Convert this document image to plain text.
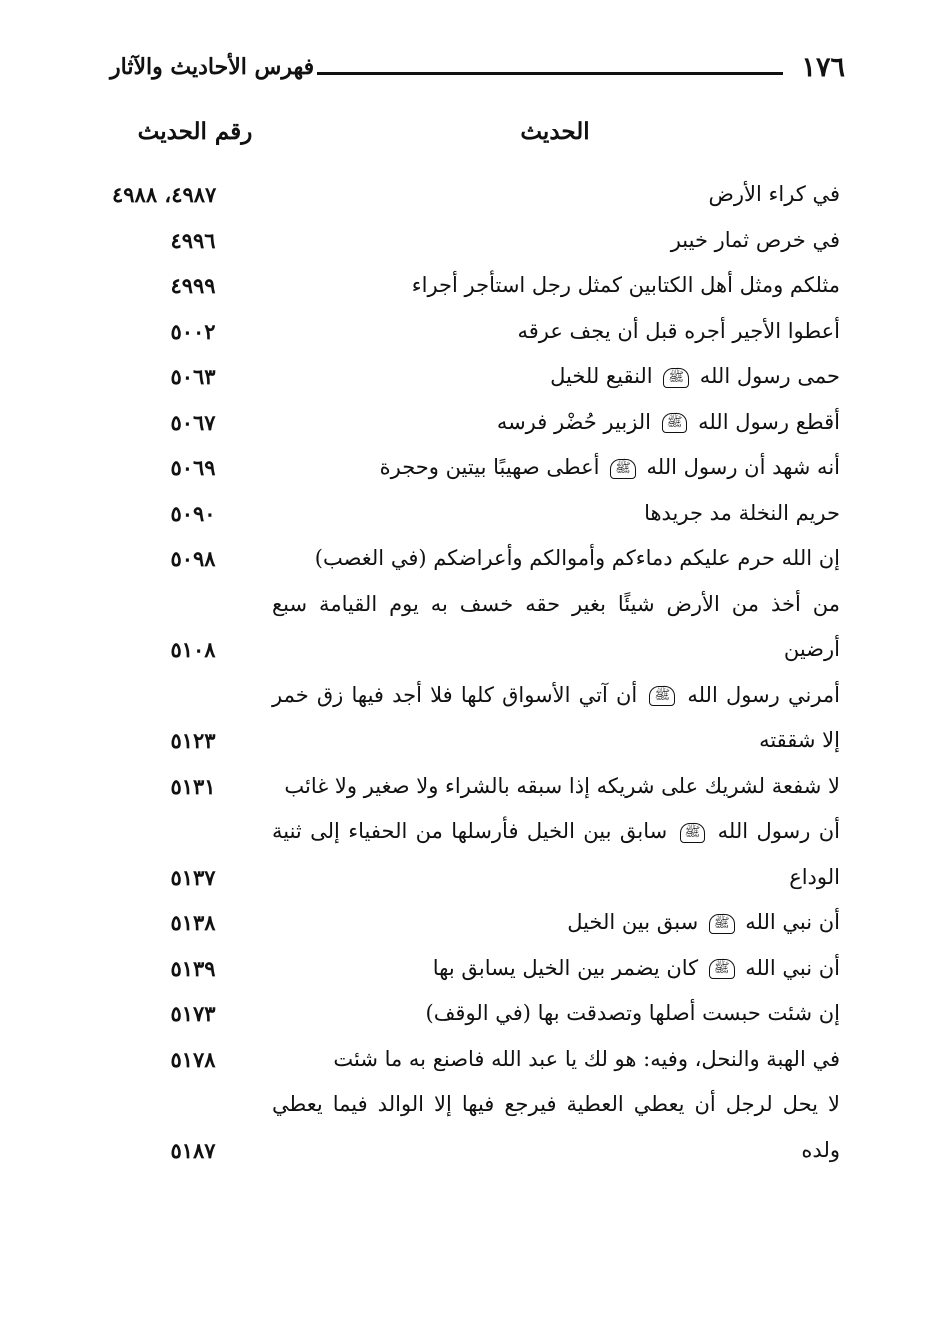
١٧٦
فهرس الأحاديث والآثار
الحديث
رقم الحديث
في كراء الأرض
٤٩٨٧، ٤٩٨٨
في خرص ثمار خيبر
٤٩٩٦
مثلكم ومثل أهل الكتابين كمثل رجل استأجر أجراء
٤٩٩٩
أعطوا الأجير أجره قبل أن يجف عرقه
٥٠٠٢
حمى رسول الله ﷺ النقيع للخيل
٥٠٦٣
أقطع رسول الله ﷺ الزبير حُضْر فرسه
٥٠٦٧
أنه شهد أن رسول الله ﷺ أعطى صهيبًا بيتين وحجرة
٥٠٦٩
حريم النخلة مد جريدها
٥٠٩٠
إن الله حرم عليكم دماءكم وأموالكم وأعراضكم (في الغصب)
٥٠٩٨
من أخذ من الأرض شيئًا بغير حقه خسف به يوم القيامة سبع أرضين
٥١٠٨
أمرني رسول الله ﷺ أن آتي الأسواق كلها فلا أجد فيها زق خمر إلا شققته
٥١٢٣
لا شفعة لشريك على شريكه إذا سبقه بالشراء ولا صغير ولا غائب
٥١٣١
أن رسول الله ﷺ سابق بين الخيل فأرسلها من الحفياء إلى ثنية الوداع
٥١٣٧
أن نبي الله ﷺ سبق بين الخيل
٥١٣٨
أن نبي الله ﷺ كان يضمر بين الخيل يسابق بها
٥١٣٩
إن شئت حبست أصلها وتصدقت بها (في الوقف)
٥١٧٣
في الهبة والنحل، وفيه: هو لك يا عبد الله فاصنع به ما شئت
٥١٧٨
لا يحل لرجل أن يعطي العطية فيرجع فيها إلا الوالد فيما يعطي ولده
٥١٨٧
